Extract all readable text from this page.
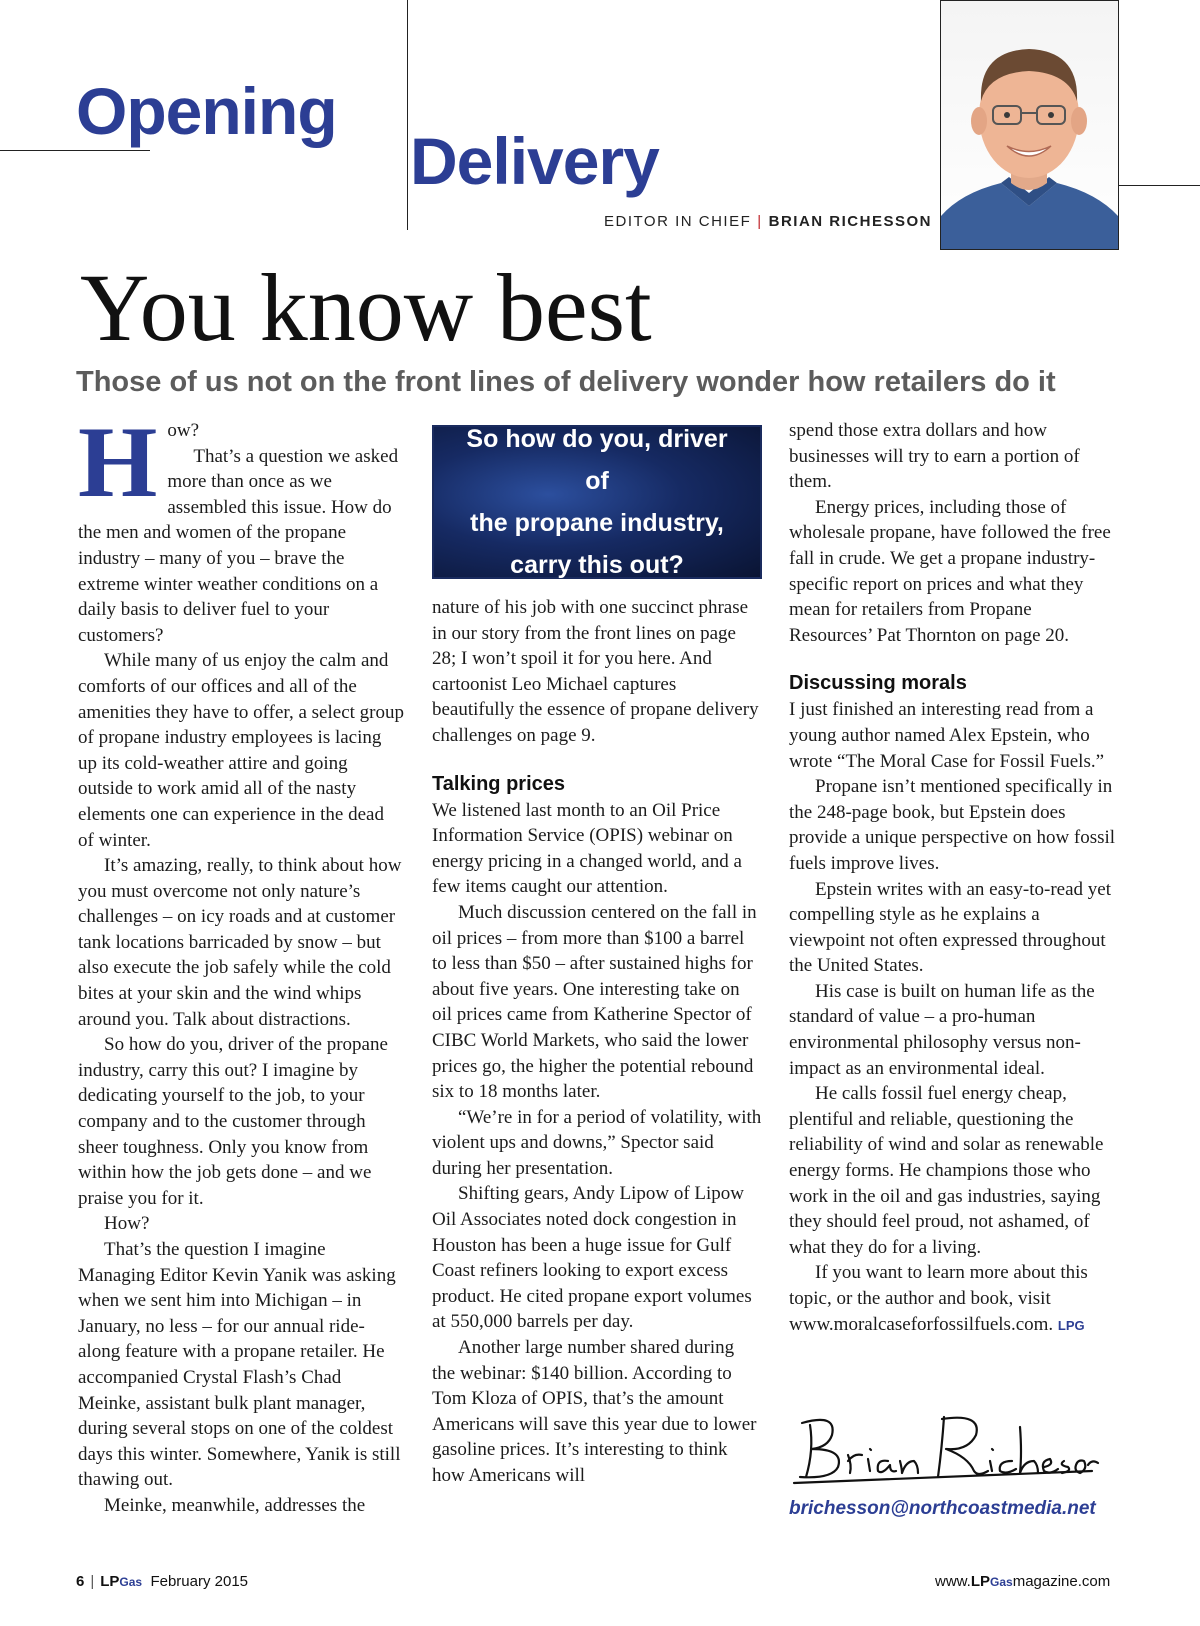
Opening
Delivery
EDITOR IN CHIEF | BRIAN RICHESSON
You know best
Those of us not on the front lines of delivery wonder how retailers do it

How?

That’s a question we asked more than once as we assembled this issue. How do the men and women of the propane industry – many of you – brave the extreme winter weather conditions on a daily basis to deliver fuel to your customers?

While many of us enjoy the calm and comforts of our offices and all of the amenities they have to offer, a select group of propane industry employees is lacing up its cold-weather attire and going outside to work amid all of the nasty elements one can experience in the dead of winter.

It’s amazing, really, to think about how you must overcome not only nature’s challenges – on icy roads and at customer tank locations barricaded by snow – but also execute the job safely while the cold bites at your skin and the wind whips around you. Talk about distractions.

So how do you, driver of the propane industry, carry this out? I imagine by dedicating yourself to the job, to your company and to the customer through sheer toughness. Only you know from within how the job gets done – and we praise you for it.

How?

That’s the question I imagine Managing Editor Kevin Yanik was asking when we sent him into Michigan – in January, no less – for our annual ride-along feature with a propane retailer. He accompanied Crystal Flash’s Chad Meinke, assistant bulk plant manager, during several stops on one of the coldest days this winter. Somewhere, Yanik is still thawing out.

Meinke, meanwhile, addresses the

So how do you, driver of
the propane industry,
carry this out?

nature of his job with one succinct phrase in our story from the front lines on page 28; I won’t spoil it for you here. And cartoonist Leo Michael captures beautifully the essence of propane delivery challenges on page 9.

Talking prices

We listened last month to an Oil Price Information Service (OPIS) webinar on energy pricing in a changed world, and a few items caught our attention.

Much discussion centered on the fall in oil prices – from more than $100 a barrel to less than $50 – after sustained highs for about five years. One interesting take on oil prices came from Katherine Spector of CIBC World Markets, who said the lower prices go, the higher the potential rebound six to 18 months later.

“We’re in for a period of volatility, with violent ups and downs,” Spector said during her presentation.

Shifting gears, Andy Lipow of Lipow Oil Associates noted dock congestion in Houston has been a huge issue for Gulf Coast refiners looking to export excess product. He cited propane export volumes at 550,000 barrels per day.

Another large number shared during the webinar: $140 billion. According to Tom Kloza of OPIS, that’s the amount Americans will save this year due to lower gasoline prices. It’s interesting to think how Americans will

spend those extra dollars and how businesses will try to earn a portion of them.

Energy prices, including those of wholesale propane, have followed the free fall in crude. We get a propane industry-specific report on prices and what they mean for retailers from Propane Resources’ Pat Thornton on page 20.

Discussing morals

I just finished an interesting read from a young author named Alex Epstein, who wrote “The Moral Case for Fossil Fuels.”

Propane isn’t mentioned specifically in the 248-page book, but Epstein does provide a unique perspective on how fossil fuels improve lives.

Epstein writes with an easy-to-read yet compelling style as he explains a viewpoint not often expressed throughout the United States.

His case is built on human life as the standard of value – a pro-human environmental philosophy versus non-impact as an environmental ideal.

He calls fossil fuel energy cheap, plentiful and reliable, questioning the reliability of wind and solar as renewable energy forms. He champions those who work in the oil and gas industries, saying they should feel proud, not ashamed, of what they do for a living.

If you want to learn more about this topic, or the author and book, visit www.moralcaseforfossilfuels.com. LPG

brichesson@northcoastmedia.net
6 | LPGas February 2015	www.LPGasmagazine.com
